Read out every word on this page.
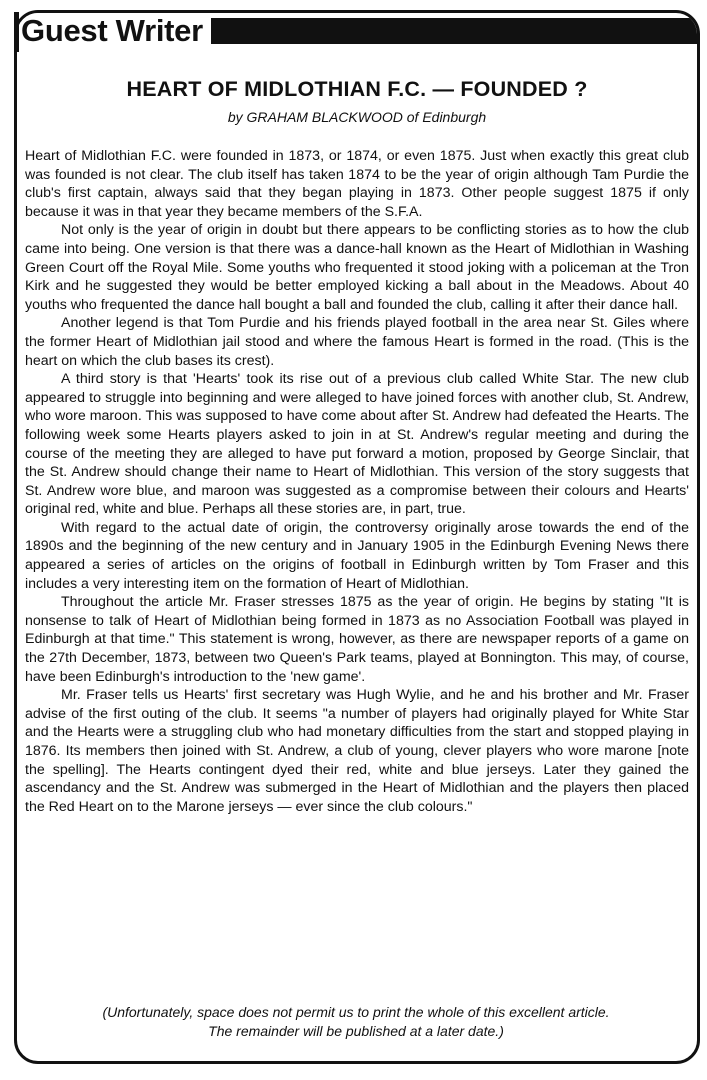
Guest Writer
HEART OF MIDLOTHIAN F.C. — FOUNDED ?
by GRAHAM BLACKWOOD of Edinburgh

Heart of Midlothian F.C. were founded in 1873, or 1874, or even 1875. Just when exactly this great club was founded is not clear. The club itself has taken 1874 to be the year of origin although Tam Purdie the club's first captain, always said that they began playing in 1873. Other people suggest 1875 if only because it was in that year they became members of the S.F.A.

Not only is the year of origin in doubt but there appears to be conflicting stories as to how the club came into being. One version is that there was a dance-hall known as the Heart of Midlothian in Washing Green Court off the Royal Mile. Some youths who frequented it stood joking with a policeman at the Tron Kirk and he suggested they would be better employed kicking a ball about in the Meadows. About 40 youths who frequented the dance hall bought a ball and founded the club, calling it after their dance hall.

Another legend is that Tom Purdie and his friends played football in the area near St. Giles where the former Heart of Midlothian jail stood and where the famous Heart is formed in the road. (This is the heart on which the club bases its crest).

A third story is that 'Hearts' took its rise out of a previous club called White Star. The new club appeared to struggle into beginning and were alleged to have joined forces with another club, St. Andrew, who wore maroon. This was supposed to have come about after St. Andrew had defeated the Hearts. The following week some Hearts players asked to join in at St. Andrew's regular meeting and during the course of the meeting they are alleged to have put forward a motion, proposed by George Sinclair, that the St. Andrew should change their name to Heart of Midlothian. This version of the story suggests that St. Andrew wore blue, and maroon was suggested as a compromise between their colours and Hearts' original red, white and blue. Perhaps all these stories are, in part, true.

With regard to the actual date of origin, the controversy originally arose towards the end of the 1890s and the beginning of the new century and in January 1905 in the Edinburgh Evening News there appeared a series of articles on the origins of football in Edinburgh written by Tom Fraser and this includes a very interesting item on the formation of Heart of Midlothian.

Throughout the article Mr. Fraser stresses 1875 as the year of origin. He begins by stating "It is nonsense to talk of Heart of Midlothian being formed in 1873 as no Association Football was played in Edinburgh at that time." This statement is wrong, however, as there are newspaper reports of a game on the 27th December, 1873, between two Queen's Park teams, played at Bonnington. This may, of course, have been Edinburgh's introduction to the 'new game'.

Mr. Fraser tells us Hearts' first secretary was Hugh Wylie, and he and his brother and Mr. Fraser advise of the first outing of the club. It seems "a number of players had originally played for White Star and the Hearts were a struggling club who had monetary difficulties from the start and stopped playing in 1876. Its members then joined with St. Andrew, a club of young, clever players who wore marone [note the spelling]. The Hearts contingent dyed their red, white and blue jerseys. Later they gained the ascendancy and the St. Andrew was submerged in the Heart of Midlothian and the players then placed the Red Heart on to the Marone jerseys — ever since the club colours."

(Unfortunately, space does not permit us to print the whole of this excellent article.
The remainder will be published at a later date.)
